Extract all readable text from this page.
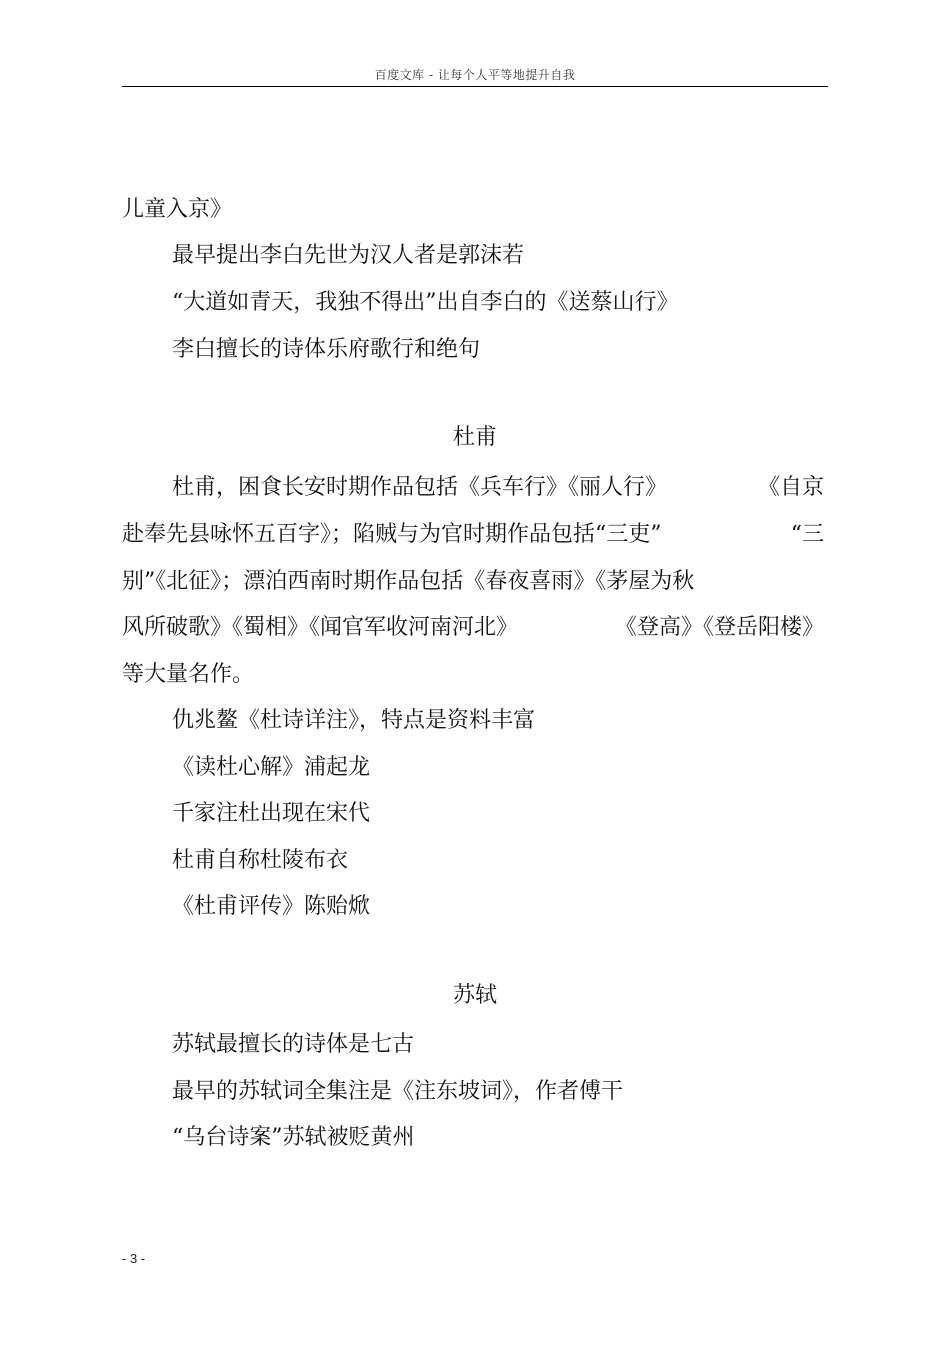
百度文库 - 让每个人平等地提升自我
儿童入京》
最早提出李白先世为汉人者是郭沫若
“大道如青天，我独不得出”出自李白的《送蔡山行》
李白擅长的诗体乐府歌行和绝句
杜甫
杜甫，困食长安时期作品包括《兵车行》《丽人行》	《自京
赴奉先县咏怀五百字》；陷贼与为官时期作品包括“三吏”	“三
别”《北征》；漂泊西南时期作品包括《春夜喜雨》《茅屋为秋
风所破歌》《蜀相》《闻官军收河南河北》	《登高》《登岳阳楼》
等大量名作。
仇兆鳌《杜诗详注》，特点是资料丰富
《读杜心解》浦起龙
千家注杜出现在宋代
杜甫自称杜陵布衣
《杜甫评传》陈贻焮
苏轼
苏轼最擅长的诗体是七古
最早的苏轼词全集注是《注东坡词》，作者傅干
“乌台诗案”苏轼被贬黄州
- 3 -
